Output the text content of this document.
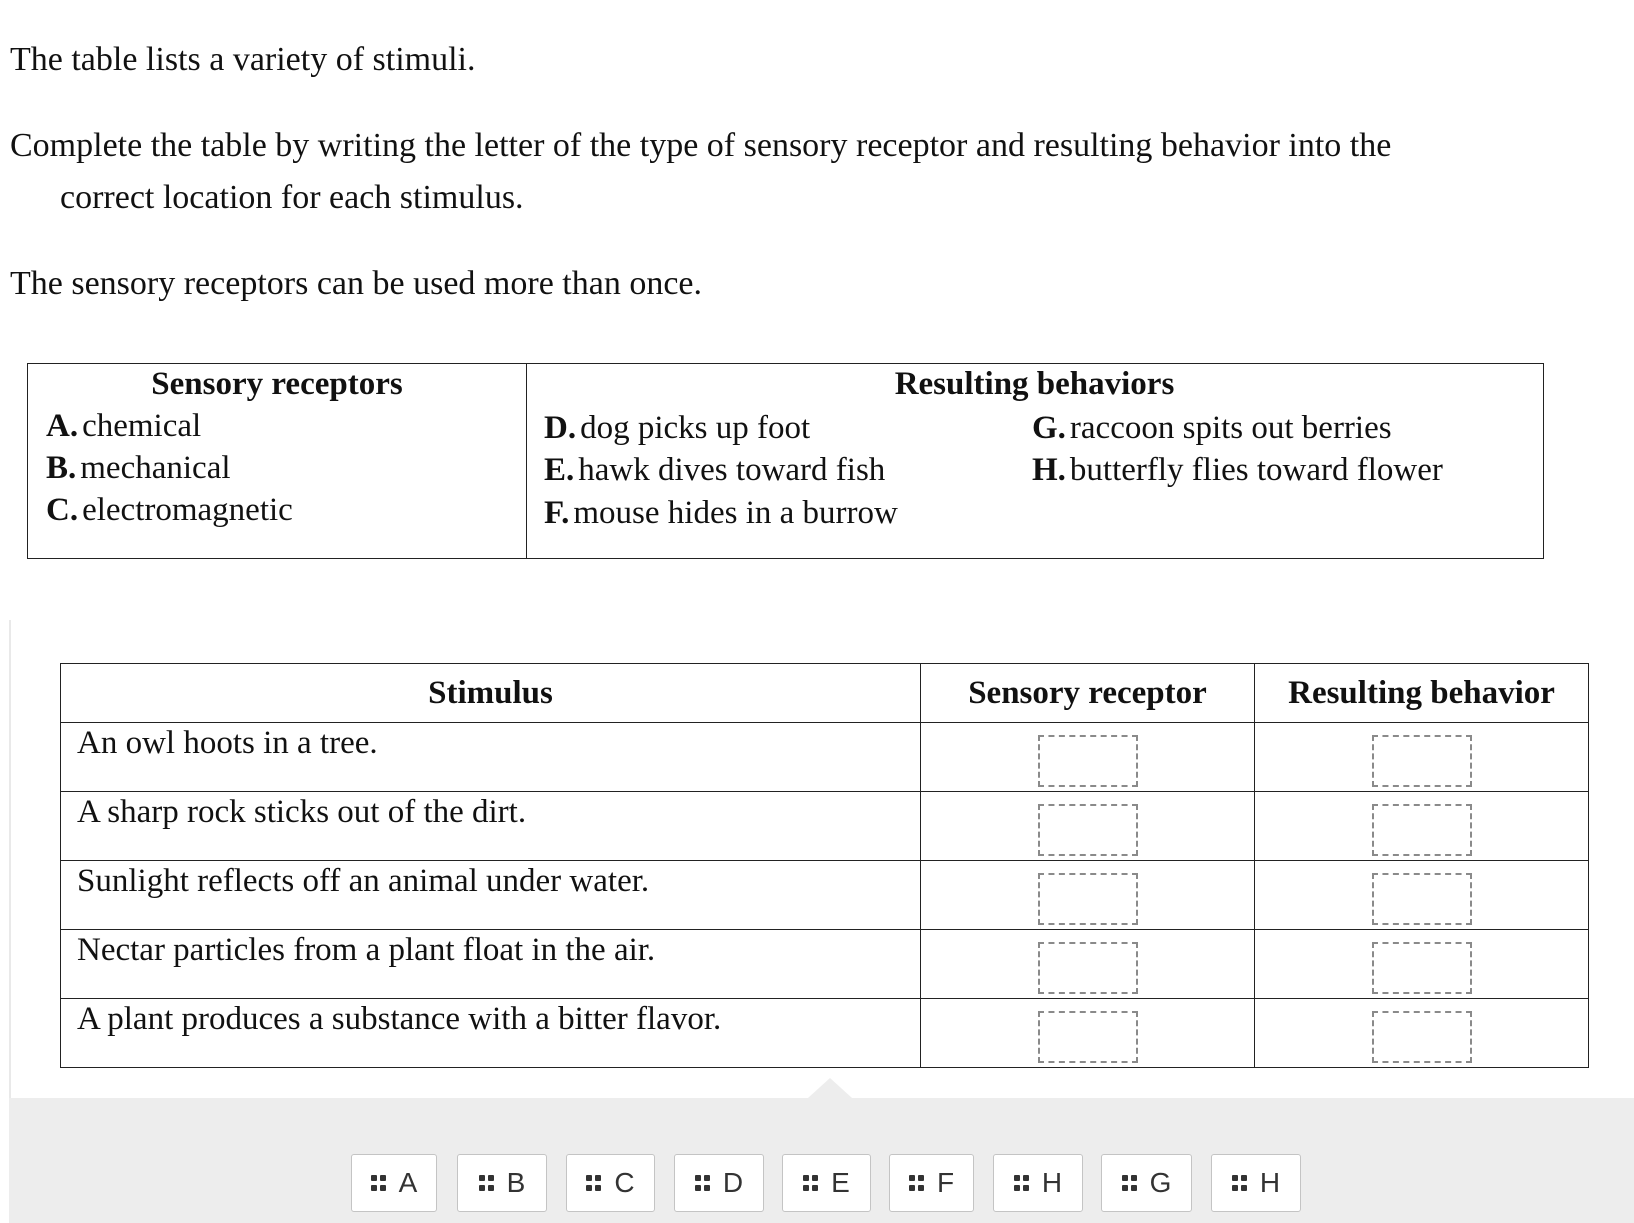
The table lists a variety of stimuli.

Complete the table by writing the letter of the type of sensory receptor and resulting behavior into the
correct location for each stimulus.

The sensory receptors can be used more than once.

Sensory receptors	Resulting behaviors
A. chemical
B. mechanical
C. electromagnetic
D. dog picks up foot
E. hawk dives toward fish
F. mouse hides in a burrow
G. raccoon spits out berries
H. butterfly flies toward flower
Stimulus	Sensory receptor	Resulting behavior
An owl hoots in a tree.	

A sharp rock sticks out of the dirt.	

Sunlight reflects off an animal under water.	

Nectar particles from a plant float in the air.	

A plant produces a substance with a bitter flavor.	

A	B	C	D	E	F	H	G	H
